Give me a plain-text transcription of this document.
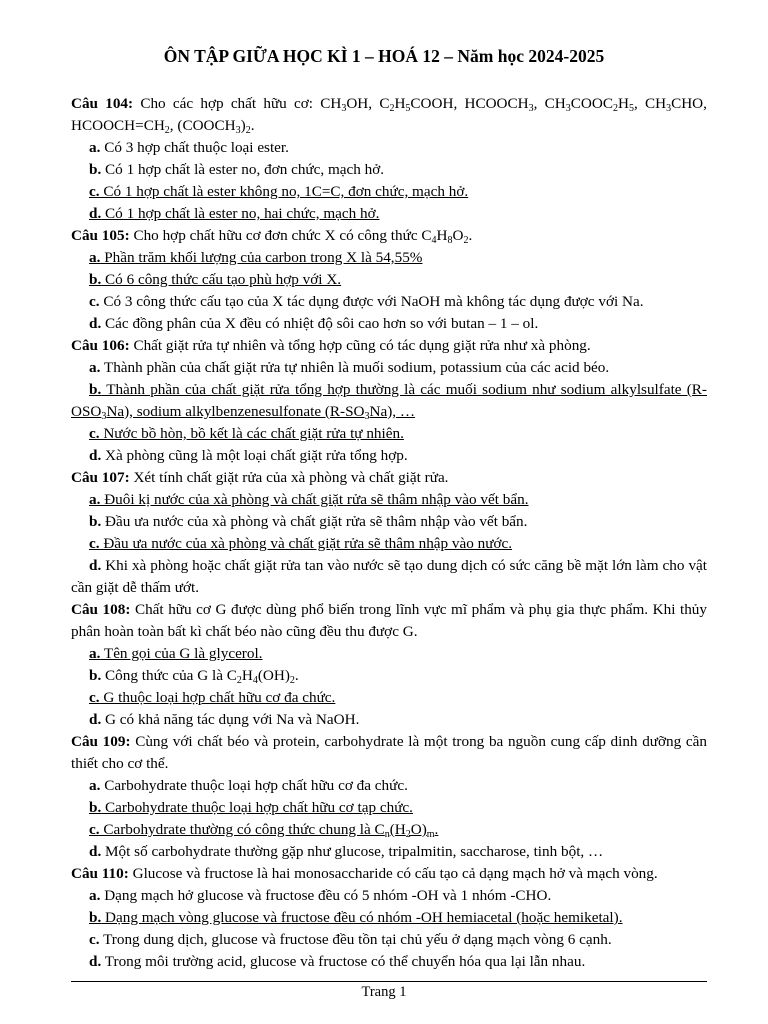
ÔN TẬP GIỮA HỌC KÌ 1 – HOÁ 12 – Năm học 2024-2025

Câu 104: Cho các hợp chất hữu cơ: $CH_3OH$, $C_2H_5COOH$, $HCOOCH_3$, $CH_3COOC_2H_5$, $CH_3CHO$, $HCOOCH=CH_2$, $(COOCH_3)_2$.

a. Có 3 hợp chất thuộc loại ester.

b. Có 1 hợp chất là ester no, đơn chức, mạch hở.

c. Có 1 hợp chất là ester không no, 1C=C, đơn chức, mạch hở.

d. Có 1 hợp chất là ester no, hai chức, mạch hở.

Câu 105: Cho hợp chất hữu cơ đơn chức X có công thức $C_4H_8O_2$.

a. Phần trăm khối lượng của carbon trong X là 54,55%

b. Có 6 công thức cấu tạo phù hợp với X.

c. Có 3 công thức cấu tạo của X tác dụng được với NaOH mà không tác dụng được với Na.

d. Các đồng phân của X đều có nhiệt độ sôi cao hơn so với butan – 1 – ol.

Câu 106: Chất giặt rửa tự nhiên và tổng hợp cũng có tác dụng giặt rửa như xà phòng.

a. Thành phần của chất giặt rửa tự nhiên là muối sodium, potassium của các acid béo.

b. Thành phần của chất giặt rửa tổng hợp thường là các muối sodium như sodium alkylsulfate $(R-OSO_3Na)$, sodium alkylbenzenesulfonate $(R-SO_3Na)$, …

c. Nước bồ hòn, bồ kết là các chất giặt rửa tự nhiên.

d. Xà phòng cũng là một loại chất giặt rửa tổng hợp.

Câu 107: Xét tính chất giặt rửa của xà phòng và chất giặt rửa.

a. Đuôi kị nước của xà phòng và chất giặt rửa sẽ thâm nhập vào vết bẩn.

b. Đầu ưa nước của xà phòng và chất giặt rửa sẽ thâm nhập vào vết bẩn.

c. Đầu ưa nước của xà phòng và chất giặt rửa sẽ thâm nhập vào nước.

d. Khi xà phòng hoặc chất giặt rửa tan vào nước sẽ tạo dung dịch có sức căng bề mặt lớn làm cho vật cần giặt dễ thấm ướt.

Câu 108: Chất hữu cơ G được dùng phổ biến trong lĩnh vực mĩ phẩm và phụ gia thực phẩm. Khi thủy phân hoàn toàn bất kì chất béo nào cũng đều thu được G.

a. Tên gọi của G là glycerol.

b. Công thức của G là $C_2H_4(OH)_2$.

c. G thuộc loại hợp chất hữu cơ đa chức.

d. G có khả năng tác dụng với Na và NaOH.

Câu 109: Cùng với chất béo và protein, carbohydrate là một trong ba nguồn cung cấp dinh dưỡng cần thiết cho cơ thể.

a. Carbohydrate thuộc loại hợp chất hữu cơ đa chức.

b. Carbohydrate thuộc loại hợp chất hữu cơ tạp chức.

c. Carbohydrate thường có công thức chung là $C_n(H_2O)_m$.

d. Một số carbohydrate thường gặp như glucose, tripalmitin, saccharose, tinh bột, …

Câu 110: Glucose và fructose là hai monosaccharide có cấu tạo cả dạng mạch hở và mạch vòng.

a. Dạng mạch hở glucose và fructose đều có 5 nhóm -OH và 1 nhóm -CHO.

b. Dạng mạch vòng glucose và fructose đều có nhóm -OH hemiacetal (hoặc hemiketal).

c. Trong dung dịch, glucose và fructose đều tồn tại chủ yếu ở dạng mạch vòng 6 cạnh.

d. Trong môi trường acid, glucose và fructose có thể chuyển hóa qua lại lẫn nhau.

Trang 1
